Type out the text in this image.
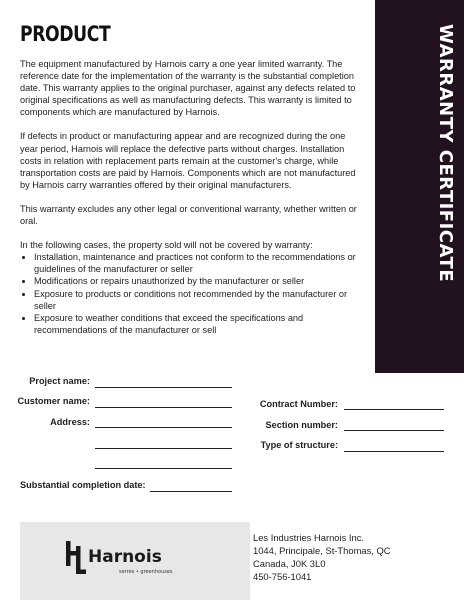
PRODUCT	WARRANTY CERTIFICATE

The equipment manufactured by Harnois carry a one year limited warranty. The reference date for the implementation of the warranty is the substantial completion date. This warranty applies to the original purchaser, against any defects related to original specifications as well as manufacturing defects. This warranty is limited to components which are manufactured by Harnois.

If defects in product or manufacturing appear and are recognized during the one year period, Harnois will replace the defective parts without charges. Installation costs in relation with replacement parts remain at the customer's charge, while transportation costs are paid by Harnois. Components which are not manufactured by Harnois carry warranties offered by their original manufacturers.

This warranty excludes any other legal or conventional warranty, whether written or oral.

In the following cases, the property sold will not be covered by warranty:
• Installation, maintenance and practices not conform to the recommendations or guidelines of the manufacturer or seller
• Modifications or repairs unauthorized by the manufacturer or seller
• Exposure to products or conditions not recommended by the manufacturer or seller
• Exposure to weather conditions that exceed the specifications and recommendations of the manufacturer or sell
Project name:
Customer name:
Address:
Contract Number:
Section number:
Type of structure:
Substantial completion date:
Harnois
serres • greenhouses
Les Industries Harnois Inc.
1044, Principale, St-Thomas, QC
Canada, J0K 3L0
450-756-1041
